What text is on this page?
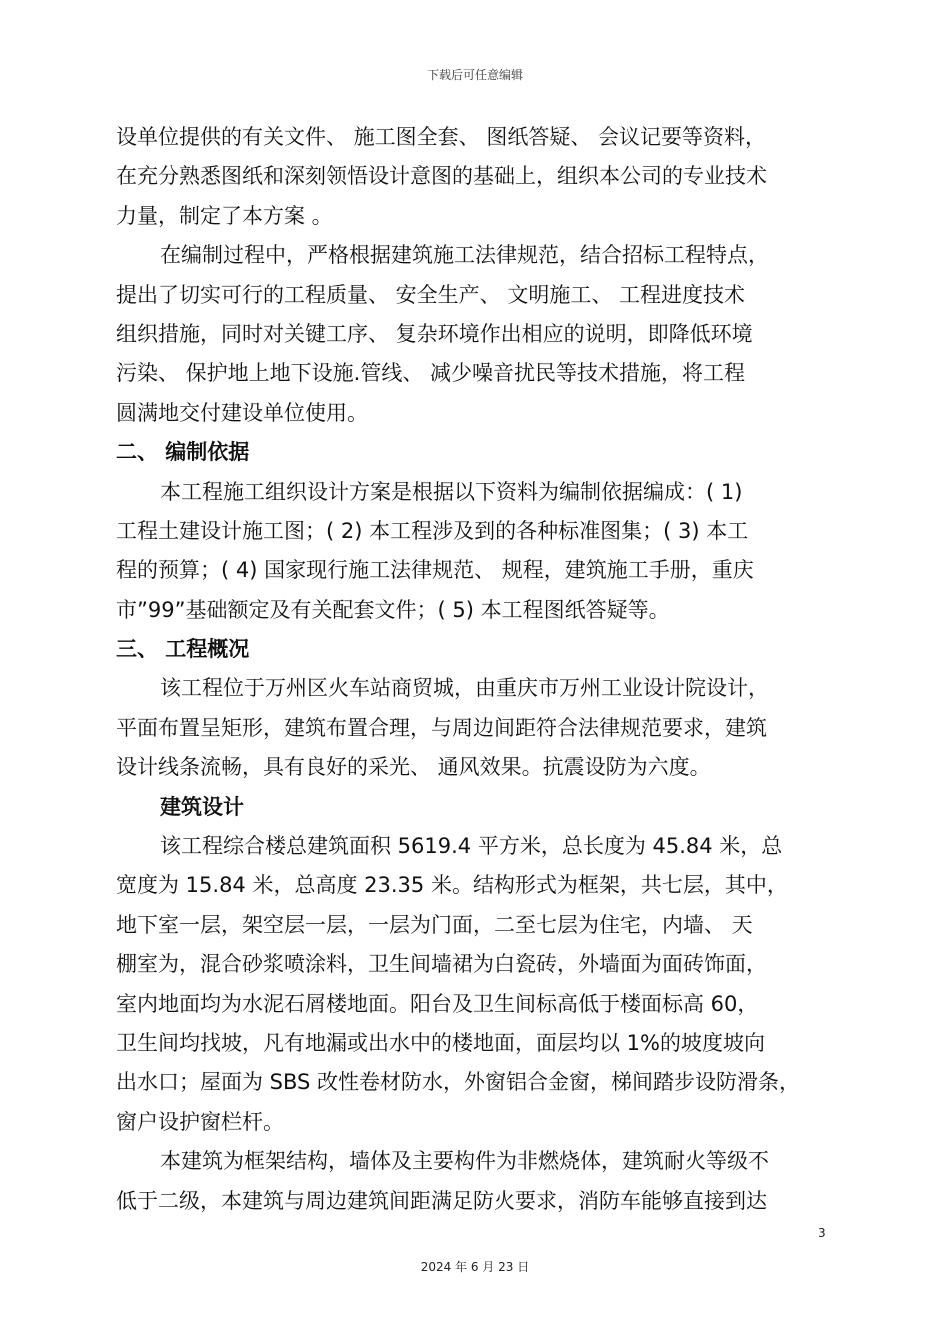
下载后可任意编辑
设单位提供的有关文件、 施工图全套、 图纸答疑、 会议记要等资料，
在充分熟悉图纸和深刻领悟设计意图的基础上，组织本公司的专业技术
力量，制定了本方案 。
在编制过程中，严格根据建筑施工法律规范，结合招标工程特点，
提出了切实可行的工程质量、 安全生产、 文明施工、 工程进度技术
组织措施，同时对关键工序、 复杂环境作出相应的说明，即降低环境
污染、 保护地上地下设施.管线、 减少噪音扰民等技术措施，将工程
圆满地交付建设单位使用。
二、 编制依据
本工程施工组织设计方案是根据以下资料为编制依据编成：( 1)
工程土建设计施工图；( 2) 本工程涉及到的各种标准图集；( 3) 本工
程的预算；( 4) 国家现行施工法律规范、 规程，建筑施工手册，重庆
市”99”基础额定及有关配套文件；( 5) 本工程图纸答疑等。
三、 工程概况
该工程位于万州区火车站商贸城，由重庆市万州工业设计院设计，
平面布置呈矩形，建筑布置合理，与周边间距符合法律规范要求，建筑
设计线条流畅，具有良好的采光、 通风效果。抗震设防为六度。
建筑设计
该工程综合楼总建筑面积 5619.4 平方米，总长度为 45.84 米，总
宽度为 15.84 米，总高度 23.35 米。结构形式为框架，共七层，其中，
地下室一层，架空层一层，一层为门面，二至七层为住宅，内墙、 天
棚室为，混合砂浆喷涂料，卫生间墙裙为白瓷砖，外墙面为面砖饰面，
室内地面均为水泥石屑楼地面。阳台及卫生间标高低于楼面标高 60，
卫生间均找坡，凡有地漏或出水中的楼地面，面层均以 1%的坡度坡向
出水口；屋面为 SBS 改性卷材防水，外窗铝合金窗，梯间踏步设防滑条，
窗户设护窗栏杆。
本建筑为框架结构，墙体及主要构件为非燃烧体，建筑耐火等级不
低于二级，本建筑与周边建筑间距满足防火要求，消防车能够直接到达
3
2024 年 6 月 23 日
